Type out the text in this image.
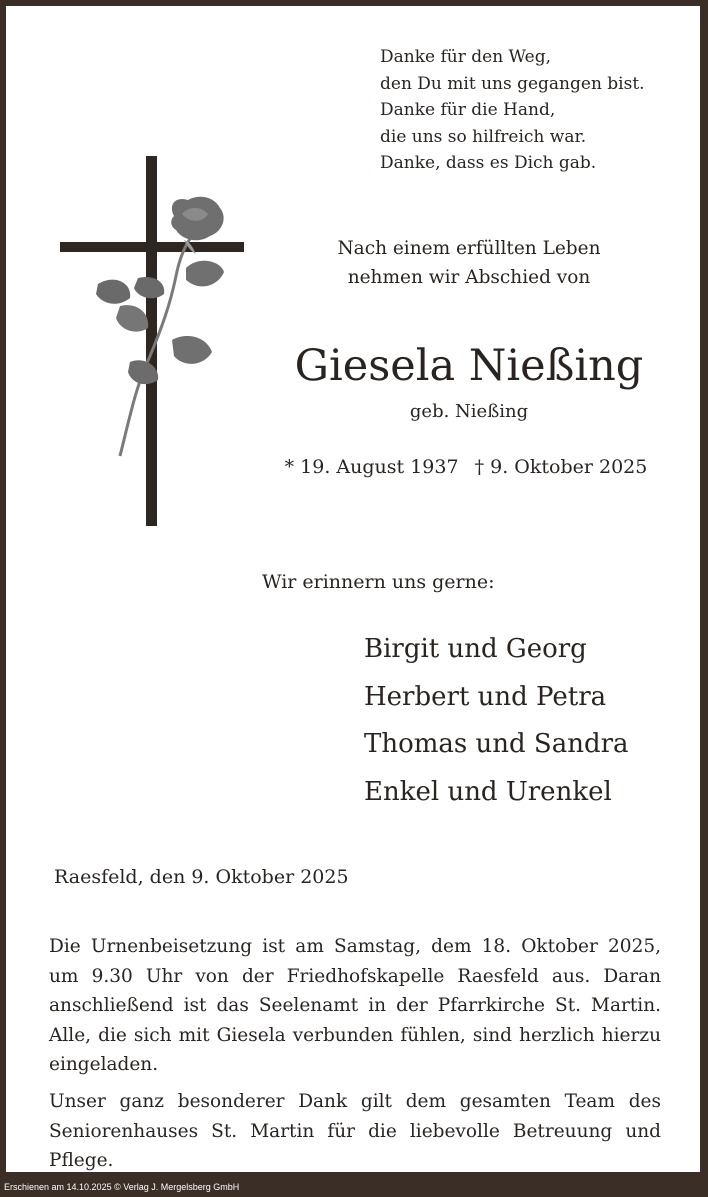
Danke für den Weg,
den Du mit uns gegangen bist.
Danke für die Hand,
die uns so hilfreich war.
Danke, dass es Dich gab.
Nach einem erfüllten Leben
nehmen wir Abschied von
Giesela Nießing
geb. Nießing
* 19. August 1937 † 9. Oktober 2025
Wir erinnern uns gerne:
Birgit und Georg
Herbert und Petra
Thomas und Sandra
Enkel und Urenkel
Raesfeld, den 9. Oktober 2025
Die Urnenbeisetzung ist am Samstag, dem 18. Oktober 2025, um 9.30 Uhr von der Friedhofskapelle Raesfeld aus. Daran anschließend ist das Seelenamt in der Pfarrkirche St. Martin. Alle, die sich mit Giesela verbunden fühlen, sind herzlich hierzu eingeladen.
Unser ganz besonderer Dank gilt dem gesamten Team des Seniorenhauses St. Martin für die liebevolle Betreuung und Pflege.
Erschienen am 14.10.2025 © Verlag J. Mergelsberg GmbH
